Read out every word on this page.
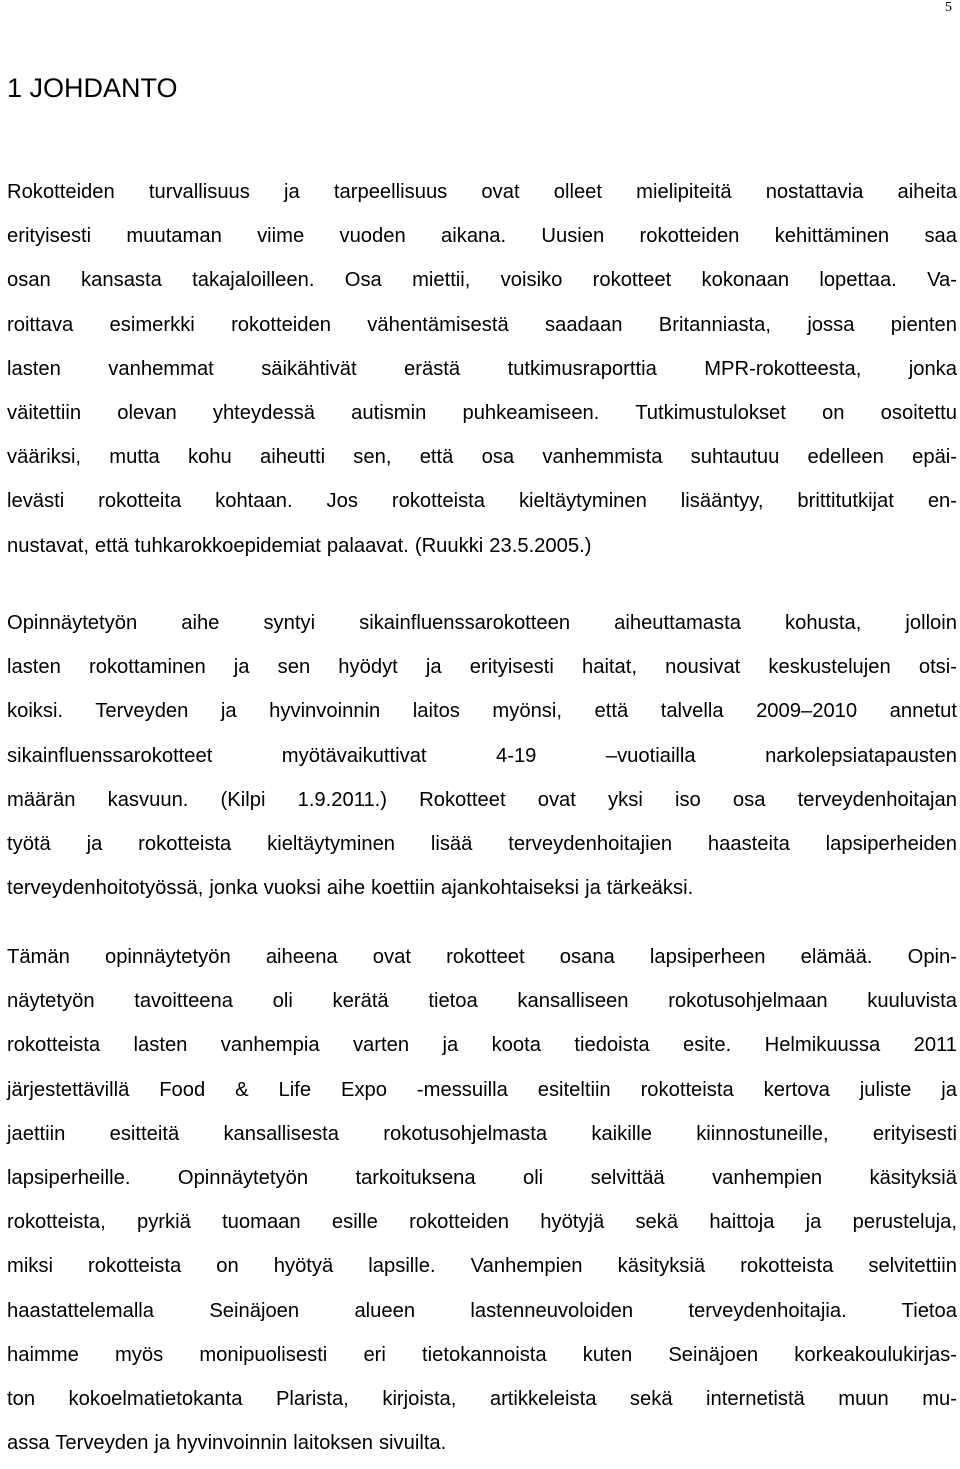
5
1 JOHDANTO

Rokotteiden turvallisuus ja tarpeellisuus ovat olleet mielipiteitä nostattavia aiheita
erityisesti muutaman viime vuoden aikana. Uusien rokotteiden kehittäminen saa
osan kansasta takajaloilleen. Osa miettii, voisiko rokotteet kokonaan lopettaa. Va-
roittava esimerkki rokotteiden vähentämisestä saadaan Britanniasta, jossa pienten
lasten vanhemmat säikähtivät erästä tutkimusraporttia MPR-rokotteesta, jonka
väitettiin olevan yhteydessä autismin puhkeamiseen. Tutkimustulokset on osoitettu
vääriksi, mutta kohu aiheutti sen, että osa vanhemmista suhtautuu edelleen epäi-
levästi rokotteita kohtaan. Jos rokotteista kieltäytyminen lisääntyy, brittitutkijat en-
nustavat, että tuhkarokkoepidemiat palaavat. (Ruukki 23.5.2005.)

Opinnäytetyön aihe syntyi sikainfluenssarokotteen aiheuttamasta kohusta, jolloin
lasten rokottaminen ja sen hyödyt ja erityisesti haitat, nousivat keskustelujen otsi-
koiksi. Terveyden ja hyvinvoinnin laitos myönsi, että talvella 2009–2010 annetut
sikainfluenssarokotteet myötävaikuttivat 4-19 –vuotiailla narkolepsiatapausten
määrän kasvuun. (Kilpi 1.9.2011.) Rokotteet ovat yksi iso osa terveydenhoitajan
työtä ja rokotteista kieltäytyminen lisää terveydenhoitajien haasteita lapsiperheiden
terveydenhoitotyössä, jonka vuoksi aihe koettiin ajankohtaiseksi ja tärkeäksi.

Tämän opinnäytetyön aiheena ovat rokotteet osana lapsiperheen elämää. Opin-
näytetyön tavoitteena oli kerätä tietoa kansalliseen rokotusohjelmaan kuuluvista
rokotteista lasten vanhempia varten ja koota tiedoista esite. Helmikuussa 2011
järjestettävillä Food & Life Expo -messuilla esiteltiin rokotteista kertova juliste ja
jaettiin esitteitä kansallisesta rokotusohjelmasta kaikille kiinnostuneille, erityisesti
lapsiperheille. Opinnäytetyön tarkoituksena oli selvittää vanhempien käsityksiä
rokotteista, pyrkiä tuomaan esille rokotteiden hyötyjä sekä haittoja ja perusteluja,
miksi rokotteista on hyötyä lapsille. Vanhempien käsityksiä rokotteista selvitettiin
haastattelemalla Seinäjoen alueen lastenneuvoloiden terveydenhoitajia. Tietoa
haimme myös monipuolisesti eri tietokannoista kuten Seinäjoen korkeakoulukirjas-
ton kokoelmatietokanta Plarista, kirjoista, artikkeleista sekä internetistä muun mu-
assa Terveyden ja hyvinvoinnin laitoksen sivuilta.
